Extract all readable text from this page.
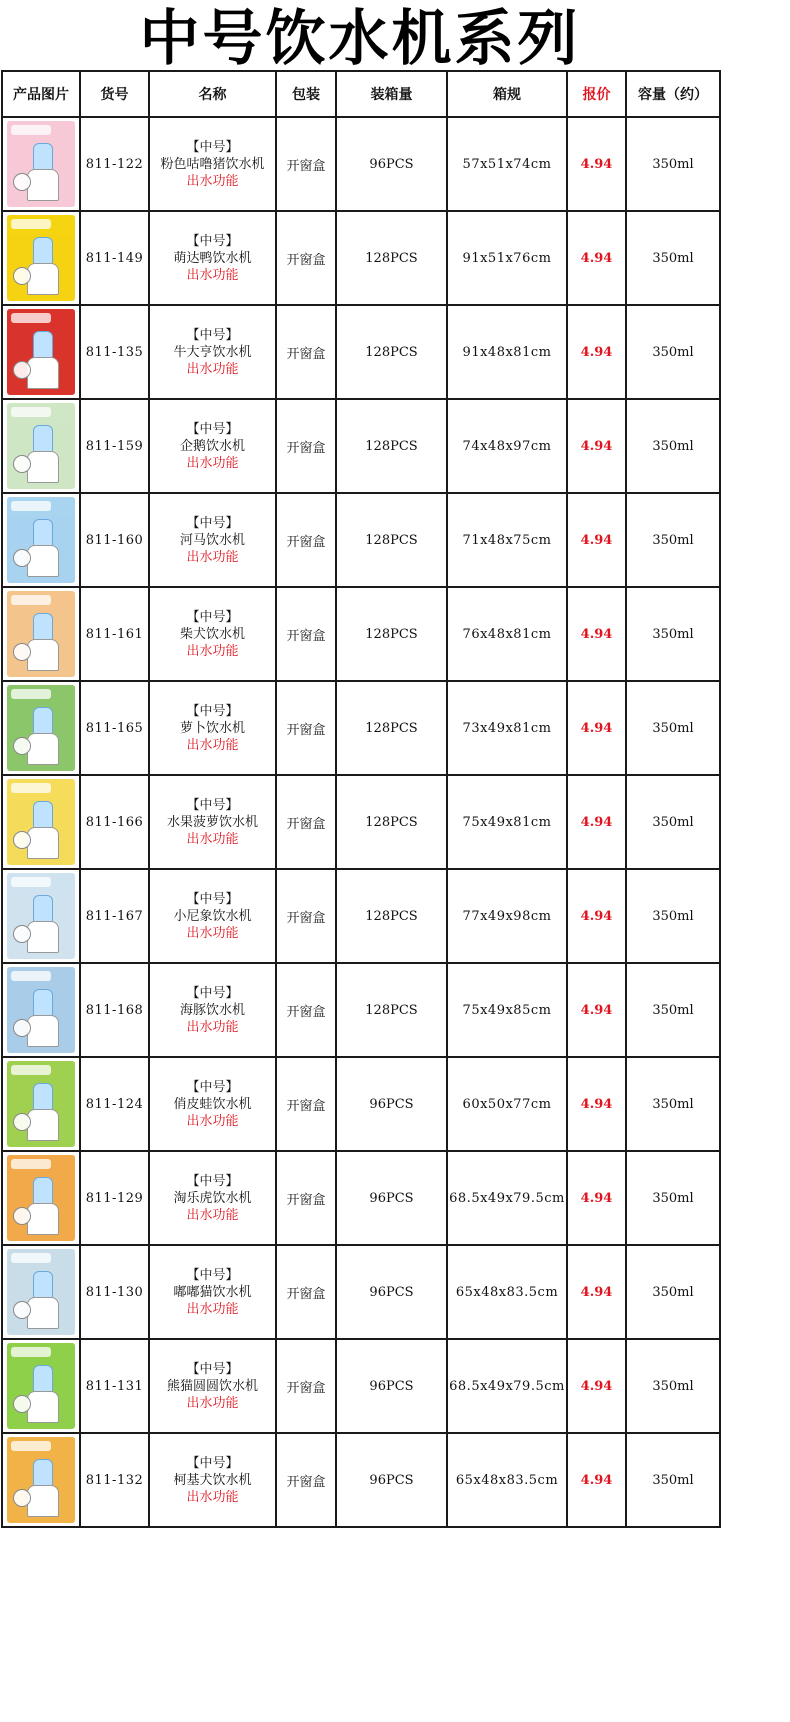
中号饮水机系列
产品图片	货号	名称	包装	装箱量	箱规	报价	容量（约）

	811-122	【中号】
粉色咕噜猪饮水机
出水功能	开窗盒	96PCS	57x51x74cm	4.94	350ml

	811-149	【中号】
萌达鸭饮水机
出水功能	开窗盒	128PCS	91x51x76cm	4.94	350ml

	811-135	【中号】
牛大亨饮水机
出水功能	开窗盒	128PCS	91x48x81cm	4.94	350ml

	811-159	【中号】
企鹅饮水机
出水功能	开窗盒	128PCS	74x48x97cm	4.94	350ml

	811-160	【中号】
河马饮水机
出水功能	开窗盒	128PCS	71x48x75cm	4.94	350ml

	811-161	【中号】
柴犬饮水机
出水功能	开窗盒	128PCS	76x48x81cm	4.94	350ml

	811-165	【中号】
萝卜饮水机
出水功能	开窗盒	128PCS	73x49x81cm	4.94	350ml

	811-166	【中号】
水果菠萝饮水机
出水功能	开窗盒	128PCS	75x49x81cm	4.94	350ml

	811-167	【中号】
小尼象饮水机
出水功能	开窗盒	128PCS	77x49x98cm	4.94	350ml

	811-168	【中号】
海豚饮水机
出水功能	开窗盒	128PCS	75x49x85cm	4.94	350ml

	811-124	【中号】
俏皮蛙饮水机
出水功能	开窗盒	96PCS	60x50x77cm	4.94	350ml

	811-129	【中号】
淘乐虎饮水机
出水功能	开窗盒	96PCS	68.5x49x79.5cm	4.94	350ml

	811-130	【中号】
嘟嘟猫饮水机
出水功能	开窗盒	96PCS	65x48x83.5cm	4.94	350ml

	811-131	【中号】
熊猫圆圆饮水机
出水功能	开窗盒	96PCS	68.5x49x79.5cm	4.94	350ml

	811-132	【中号】
柯基犬饮水机
出水功能	开窗盒	96PCS	65x48x83.5cm	4.94	350ml
